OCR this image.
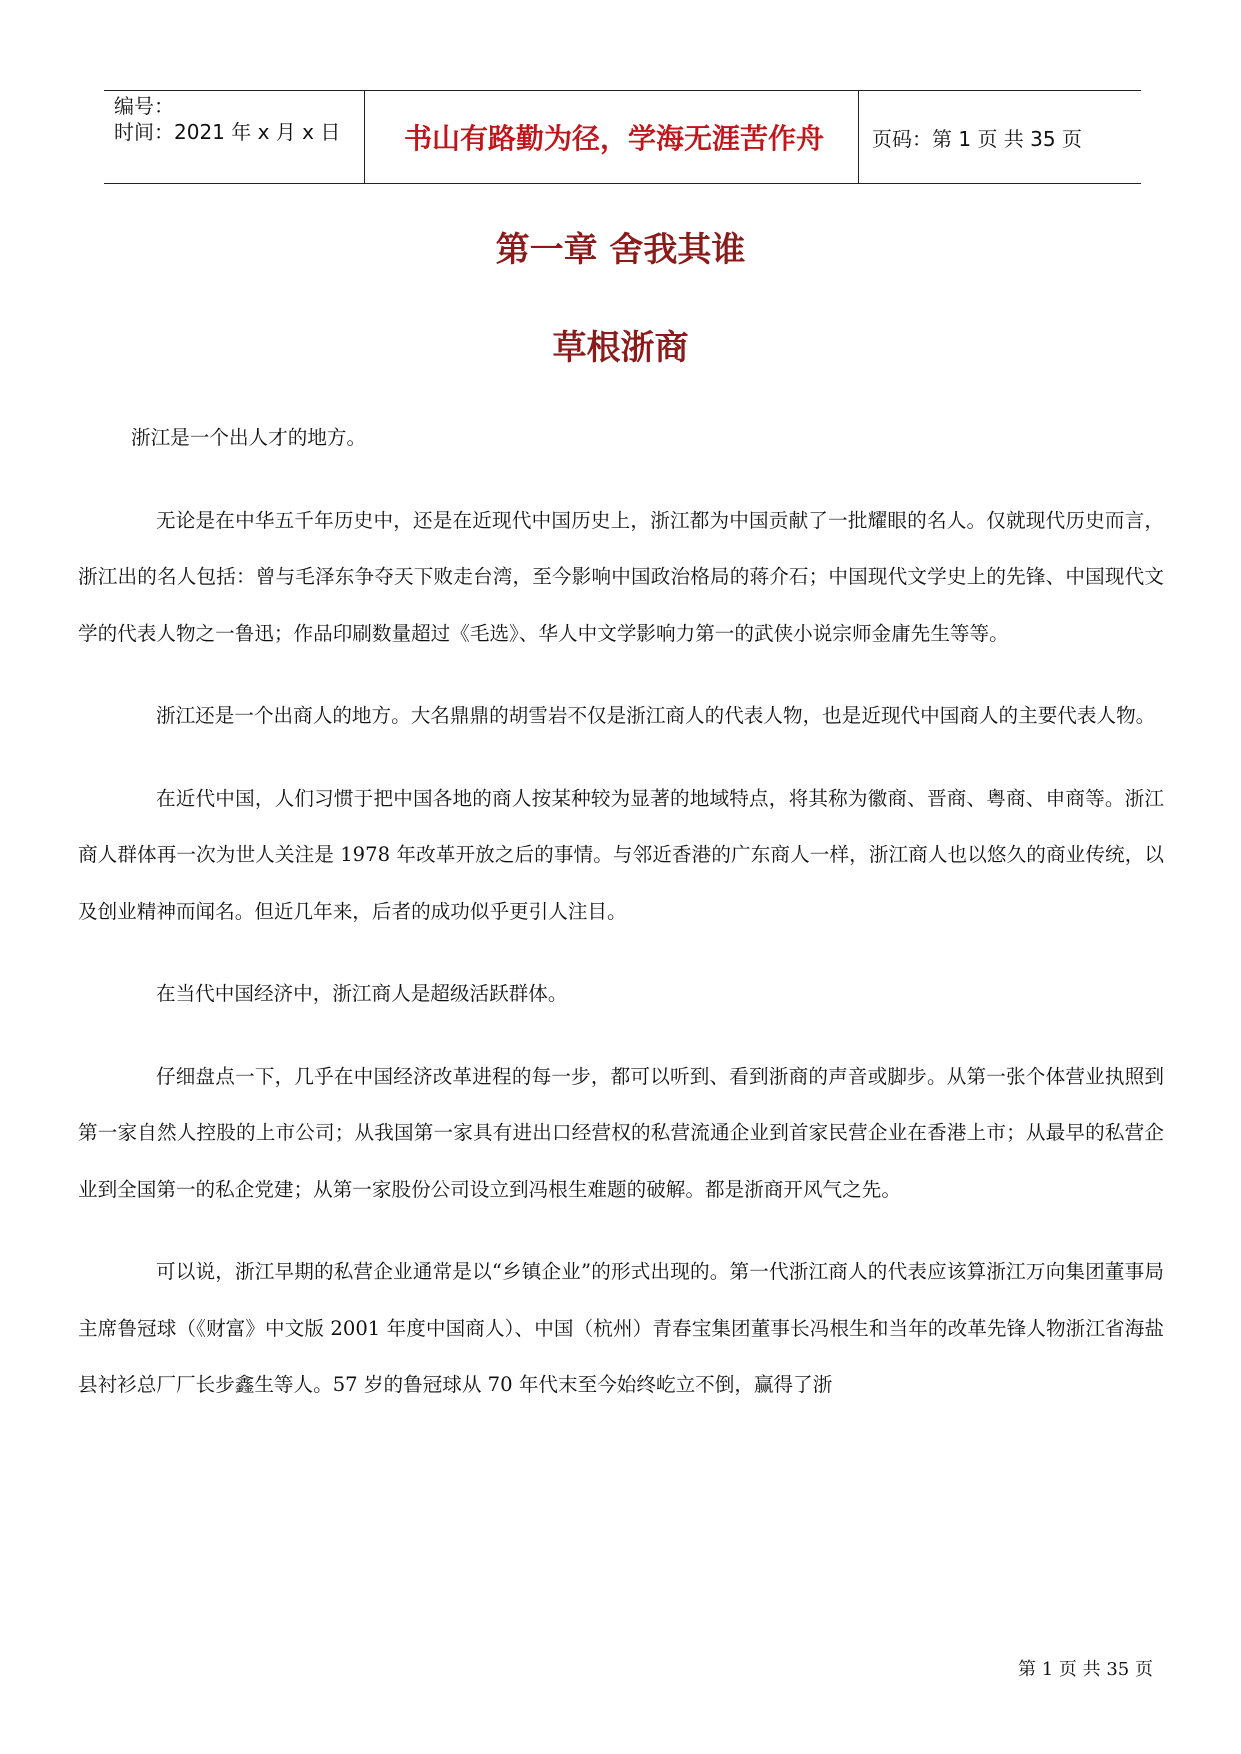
编号：
时间：2021 年 x 月 x 日	书山有路勤为径，学海无涯苦作舟	页码：第 1 页 共 35 页
第一章 舍我其谁
草根浙商

浙江是一个出人才的地方。

无论是在中华五千年历史中，还是在近现代中国历史上，浙江都为中国贡献了一批耀眼的名人。仅就现代历史而言，浙江出的名人包括：曾与毛泽东争夺天下败走台湾，至今影响中国政治格局的蒋介石；中国现代文学史上的先锋、中国现代文学的代表人物之一鲁迅；作品印刷数量超过《毛选》、华人中文学影响力第一的武侠小说宗师金庸先生等等。

浙江还是一个出商人的地方。大名鼎鼎的胡雪岩不仅是浙江商人的代表人物，也是近现代中国商人的主要代表人物。

在近代中国，人们习惯于把中国各地的商人按某种较为显著的地域特点，将其称为徽商、晋商、粤商、申商等。浙江商人群体再一次为世人关注是 1978 年改革开放之后的事情。与邻近香港的广东商人一样，浙江商人也以悠久的商业传统，以及创业精神而闻名。但近几年来，后者的成功似乎更引人注目。

在当代中国经济中，浙江商人是超级活跃群体。

仔细盘点一下，几乎在中国经济改革进程的每一步，都可以听到、看到浙商的声音或脚步。从第一张个体营业执照到第一家自然人控股的上市公司；从我国第一家具有进出口经营权的私营流通企业到首家民营企业在香港上市；从最早的私营企业到全国第一的私企党建；从第一家股份公司设立到冯根生难题的破解。都是浙商开风气之先。

可以说，浙江早期的私营企业通常是以“乡镇企业”的形式出现的。第一代浙江商人的代表应该算浙江万向集团董事局主席鲁冠球（《财富》中文版 2001 年度中国商人）、中国（杭州）青春宝集团董事长冯根生和当年的改革先锋人物浙江省海盐县衬衫总厂厂长步鑫生等人。57 岁的鲁冠球从 70 年代末至今始终屹立不倒，赢得了浙

第 1 页 共 35 页
